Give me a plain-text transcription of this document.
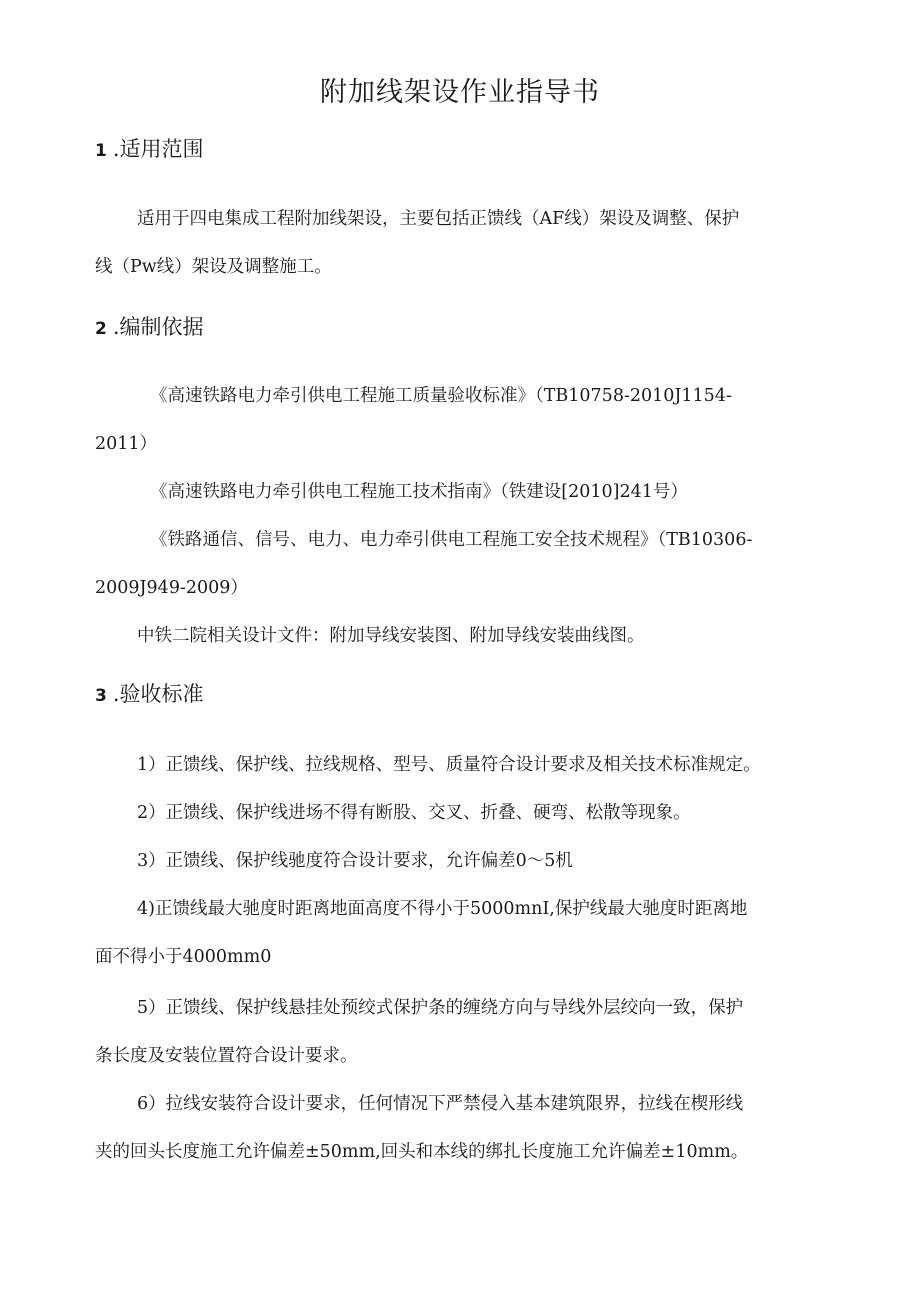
附加线架设作业指导书
1 .适用范围

适用于四电集成工程附加线架设，主要包括正馈线（AF线）架设及调整、保护

线（Pw线）架设及调整施工。

2 .编制依据

《高速铁路电力牵引供电工程施工质量验收标准》（TB10758-2010J1154-

2011）

《高速铁路电力牵引供电工程施工技术指南》（铁建设[2010]241号）

《铁路通信、信号、电力、电力牵引供电工程施工安全技术规程》（TB10306-

2009J949-2009）

中铁二院相关设计文件：附加导线安装图、附加导线安装曲线图。

3 .验收标准

1）正馈线、保护线、拉线规格、型号、质量符合设计要求及相关技术标准规定。

2）正馈线、保护线进场不得有断股、交叉、折叠、硬弯、松散等现象。

3）正馈线、保护线驰度符合设计要求，允许偏差0～5机

4)正馈线最大驰度时距离地面高度不得小于5000mnI,保护线最大驰度时距离地

面不得小于4000mm0

5）正馈线、保护线悬挂处预绞式保护条的缠绕方向与导线外层绞向一致，保护

条长度及安装位置符合设计要求。

6）拉线安装符合设计要求，任何情况下严禁侵入基本建筑限界，拉线在楔形线

夹的回头长度施工允许偏差±50mm,回头和本线的绑扎长度施工允许偏差±10mm。
